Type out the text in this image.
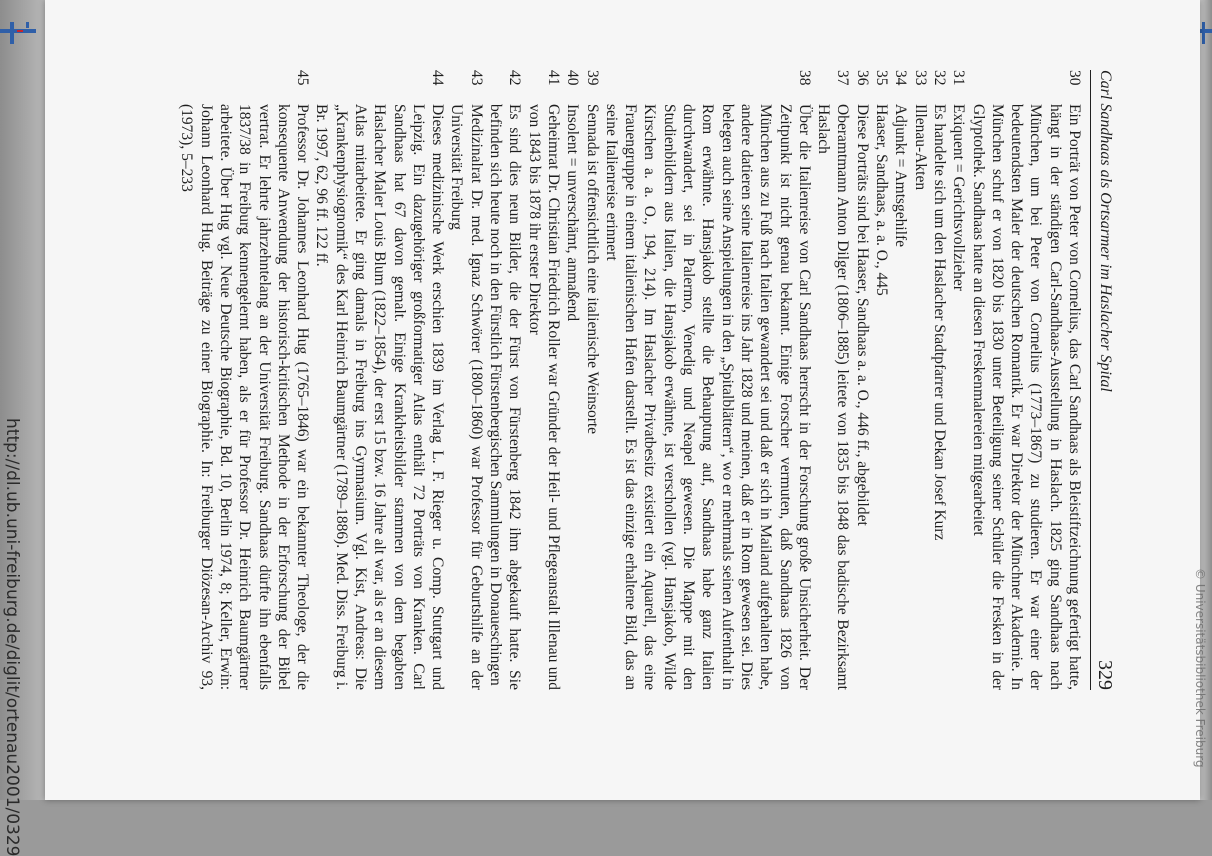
http://dl.ub.uni-freiburg.de/diglit/ortenau2001/0329	© Universitätsbibliothek Freiburg
Carl Sandhaas als Ortsarmer im Haslacher Spital
329
30
Ein Porträt von Peter von Cornelius, das Carl Sandhaas als Bleistiftzeichnung gefertigt hatte, hängt in der ständigen Carl-Sandhaas-Ausstellung in Haslach. 1825 ging Sandhaas nach München, um bei Peter von Cornelius (1773–1867) zu studieren. Er war einer der bedeutendsten Maler der deutschen Romantik. Er war Direktor der Münchner Akademie. In München schuf er von 1820 bis 1830 unter Beteiligung seiner Schüler die Fresken in der Glyptothek. Sandhaas hatte an diesen Freskenmalereien mitgearbeitet
31
Exiquent = Gerichtsvollzieher
32
Es handelte sich um den Haslacher Stadtpfarrer und Dekan Josef Kurz
33
Illenau-Akten
34
Adjunkt = Amtsgehilfe
35
Haaser, Sandhaas, a. a. O., 445
36
Diese Porträts sind bei Haaser, Sandhaas a. a. O., 446 ff., abgebildet
37
Oberamtmann Anton Dilger (1806–1885) leitete von 1835 bis 1848 das badische Bezirksamt Haslach
38
Über die Italienreise von Carl Sandhaas herrscht in der Forschung große Unsicherheit. Der Zeitpunkt ist nicht genau bekannt. Einige Forscher vermuten, daß Sandhaas 1826 von München aus zu Fuß nach Italien gewandert sei und daß er sich in Mailand aufgehalten habe, andere datieren seine Italienreise ins Jahr 1828 und meinen, daß er in Rom gewesen sei. Dies belegen auch seine Anspielungen in den „Spitalblättern“, wo er mehrmals seinen Aufenthalt in Rom erwähnte. Hansjakob stellte die Behauptung auf, Sandhaas habe ganz Italien durchwandert, sei in Palermo, Venedig und Neapel gewesen. Die Mappe mit den Studienbildern aus Italien, die Hansjakob erwähnte, ist verschollen (vgl. Hansjakob, Wilde Kirschen a. a. O., 194, 214). Im Haslacher Privatbesitz existiert ein Aquarell, das eine Frauengruppe in einem italienischen Hafen darstellt. Es ist das einzige erhaltene Bild, das an seine Italienreise erinnert
39
Sennada ist offensichtlich eine italienische Weinsorte
40
Insolent = unverschämt, anmaßend
41
Geheimrat Dr. Christian Friedrich Roller war Gründer der Heil- und Pflegeanstalt Illenau und von 1843 bis 1878 ihr erster Direktor
42
Es sind dies neun Bilder, die der Fürst von Fürstenberg 1842 ihm abgekauft hatte. Sie befinden sich heute noch in den Fürstlich Fürstenbergischen Sammlungen in Donaueschingen
43
Medizinalrat Dr. med. Ignaz Schwörer (1800–1860) war Professor für Geburtshilfe an der Universität Freiburg
44
Dieses medizinische Werk erschien 1839 im Verlag L. F. Rieger u. Comp. Stuttgart und Leipzig. Ein dazugehöriger großformatiger Atlas enthält 72 Porträts von Kranken. Carl Sandhaas hat 67 davon gemalt. Einige Krankheitsbilder stammen von dem begabten Haslacher Maler Louis Blum (1822–1854), der erst 15 bzw. 16 Jahre alt war, als er an diesem Atlas mitarbeitete. Er ging damals in Freiburg ins Gymnasium. Vgl. Kist, Andreas: Die „Krankenphysiognomik“ des Karl Heinrich Baumgärtner (1789–1886). Med. Diss. Freiburg i. Br. 1997, 62, 96 ff. 122 ff.
45
Professor Dr. Johannes Leonhard Hug (1765–1846) war ein bekannter Theologe, der die konsequente Anwendung der historisch-kritischen Methode in der Erforschung der Bibel vertrat. Er lehrte jahrzehntelang an der Universität Freiburg. Sandhaas dürfte ihn ebenfalls 1837/38 in Freiburg kennengelernt haben, als er für Professor Dr. Heinrich Baumgärtner arbeitete. Über Hug vgl. Neue Deutsche Biographie, Bd. 10, Berlin 1974, 8; Keller, Erwin: Johann Leonhard Hug. Beiträge zu einer Biographie. In: Freiburger Diözesan-Archiv 93, (1973), 5–233
